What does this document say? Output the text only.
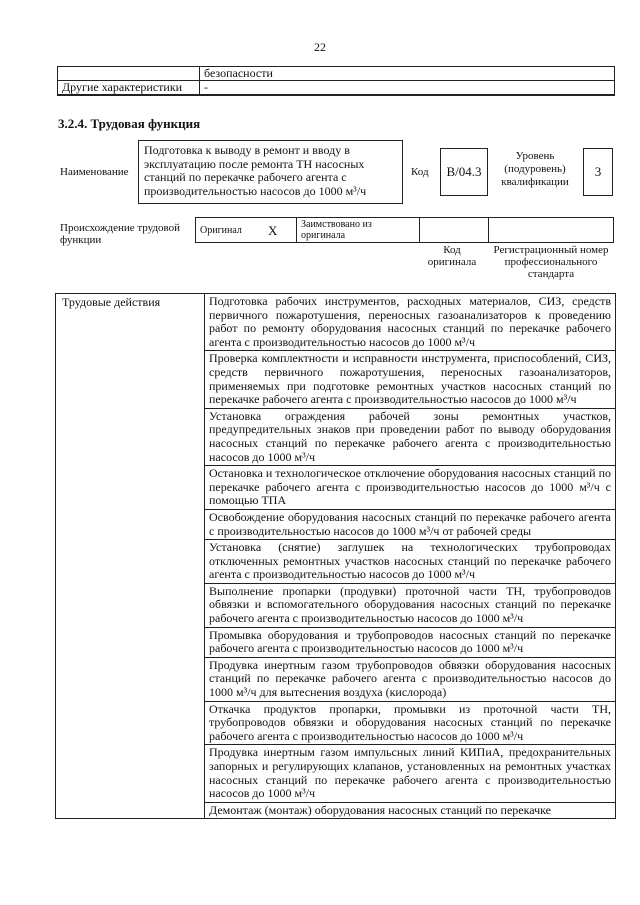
22
	безопасности
Другие характеристики	-
3.2.4. Трудовая функция
Наименование
Подготовка к выводу в ремонт и вводу в эксплуатацию после ремонта ТН насосных станций по перекачке рабочего агента с производительностью насосов до 1000 м³/ч
Код	В/04.3
Уровень (подуровень) квалификации
3
Происхождение трудовой функции
Оригинал	X	Заимствовано из оригинала		
Код оригинала
Регистрационный номер профессионального стандарта
Трудовые действия	Подготовка рабочих инструментов, расходных материалов, СИЗ, средств первичного пожаротушения, переносных газоанализаторов к проведению работ по ремонту оборудования насосных станций по перекачке рабочего агента с производительностью насосов до 1000 м³/ч
Проверка комплектности и исправности инструмента, приспособлений, СИЗ, средств первичного пожаротушения, переносных газоанализаторов, применяемых при подготовке ремонтных участков насосных станций по перекачке рабочего агента с производительностью насосов до 1000 м³/ч
Установка ограждения рабочей зоны ремонтных участков, предупредительных знаков при проведении работ по выводу оборудования насосных станций по перекачке рабочего агента с производительностью насосов до 1000 м³/ч
Остановка и технологическое отключение оборудования насосных станций по перекачке рабочего агента с производительностью насосов до 1000 м³/ч с помощью ТПА
Освобождение оборудования насосных станций по перекачке рабочего агента с производительностью насосов до 1000 м³/ч от рабочей среды
Установка (снятие) заглушек на технологических трубопроводах отключенных ремонтных участков насосных станций по перекачке рабочего агента с производительностью насосов до 1000 м³/ч
Выполнение пропарки (продувки) проточной части ТН, трубопроводов обвязки и вспомогательного оборудования насосных станций по перекачке рабочего агента с производительностью насосов до 1000 м³/ч
Промывка оборудования и трубопроводов насосных станций по перекачке рабочего агента с производительностью насосов до 1000 м³/ч
Продувка инертным газом трубопроводов обвязки оборудования насосных станций по перекачке рабочего агента с производительностью насосов до 1000 м³/ч для вытеснения воздуха (кислорода)
Откачка продуктов пропарки, промывки из проточной части ТН, трубопроводов обвязки и оборудования насосных станций по перекачке рабочего агента с производительностью насосов до 1000 м³/ч
Продувка инертным газом импульсных линий КИПиА, предохранительных запорных и регулирующих клапанов, установленных на ремонтных участках насосных станций по перекачке рабочего агента с производительностью насосов до 1000 м³/ч
Демонтаж (монтаж) оборудования насосных станций по перекачке
